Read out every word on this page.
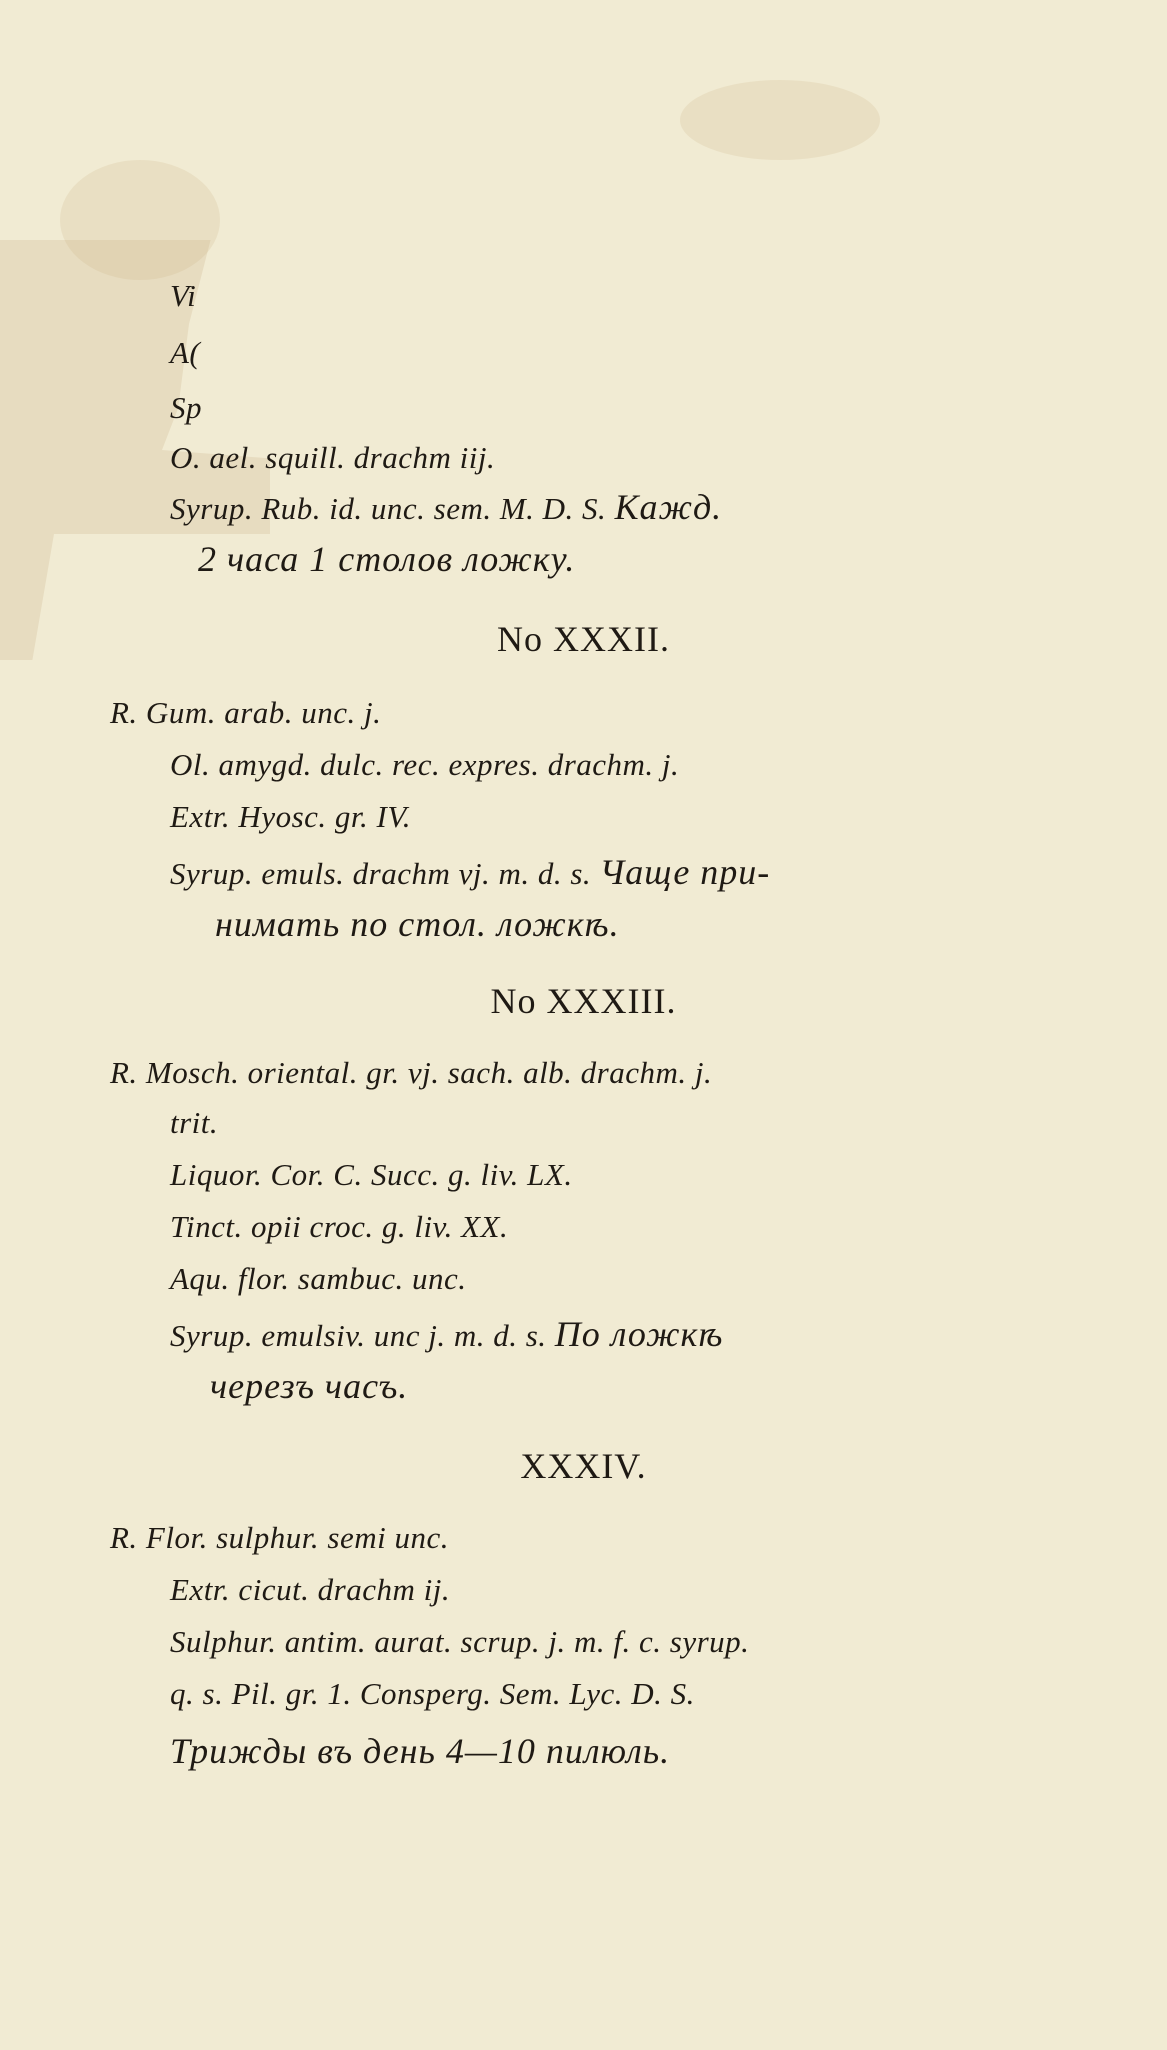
Vi
A(
Sp
O. ael. squill. drachm iij.
Syrup. Rub. id. unc. sem. M. D. S. Кажд.
2 часа 1 столов ложку.
No XXXII.
R. Gum. arab. unc. j.
Ol. amygd. dulc. rec. expres. drachm. j.
Extr. Hyosc. gr. IV.
Syrup. emuls. drachm vj. m. d. s. Чаще при-
нимать по стол. ложкѣ.
No XXXIII.
R. Mosch. oriental. gr. vj. sach. alb. drachm. j.
trit.
Liquor. Cor. C. Succ. g. liv. LX.
Tinct. opii croc. g. liv. XX.
Aqu. flor. sambuc. unc.
Syrup. emulsiv. unc j. m. d. s. По ложкѣ
черезъ часъ.
XXXIV.
R. Flor. sulphur. semi unc.
Extr. cicut. drachm ij.
Sulphur. antim. aurat. scrup. j. m. f. c. syrup.
q. s. Pil. gr. 1. Consperg. Sem. Lyc. D. S.
Трижды въ день 4—10 пилюль.
